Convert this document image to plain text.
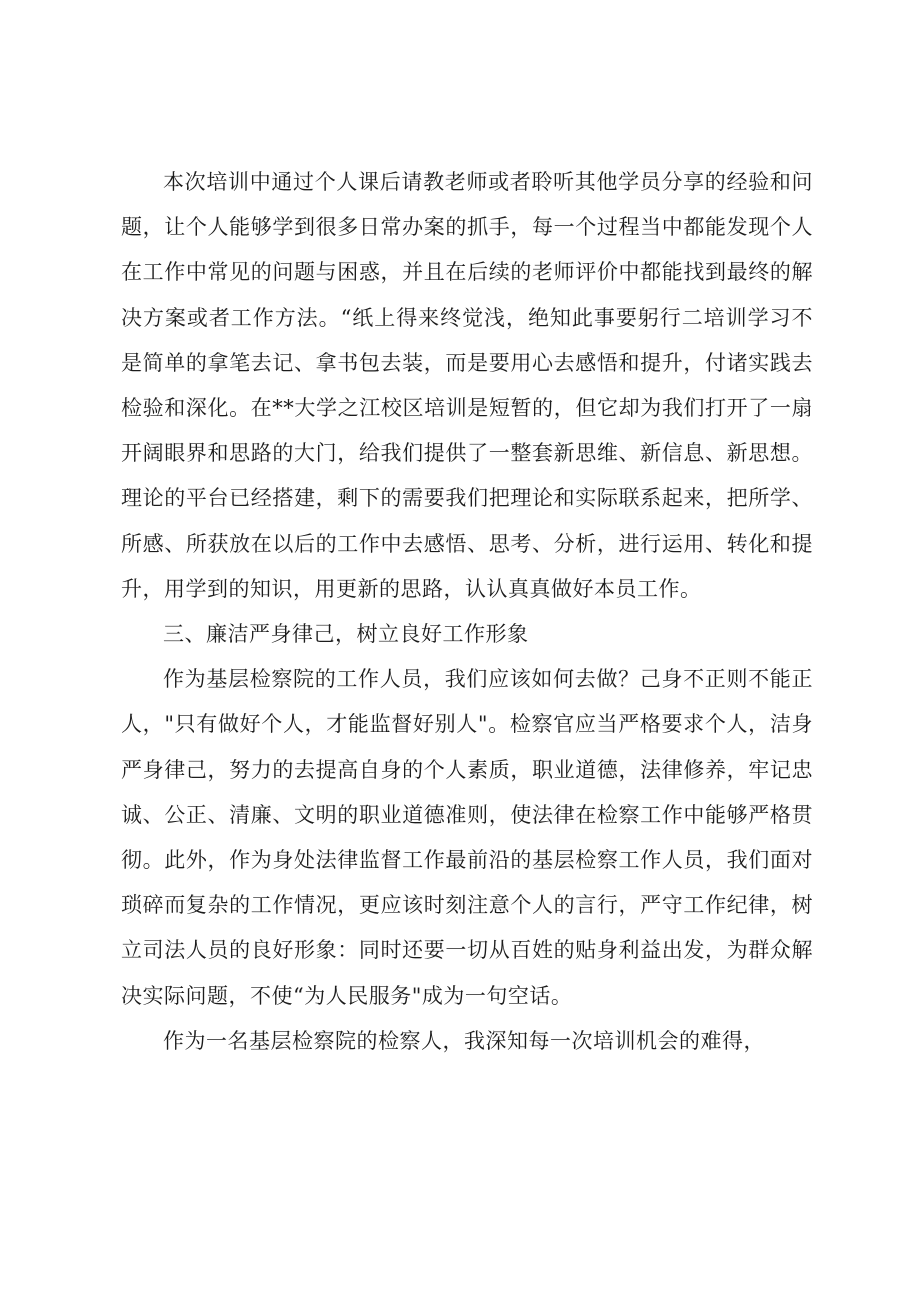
本次培训中通过个人课后请教老师或者聆听其他学员分享的经验和问题，让个人能够学到很多日常办案的抓手，每一个过程当中都能发现个人在工作中常见的问题与困惑，并且在后续的老师评价中都能找到最终的解决方案或者工作方法。“纸上得来终觉浅，绝知此事要躬行二培训学习不是简单的拿笔去记、拿书包去装，而是要用心去感悟和提升，付诸实践去检验和深化。在**大学之江校区培训是短暂的，但它却为我们打开了一扇开阔眼界和思路的大门，给我们提供了一整套新思维、新信息、新思想。理论的平台已经搭建，剩下的需要我们把理论和实际联系起来，把所学、所感、所获放在以后的工作中去感悟、思考、分析，进行运用、转化和提升，用学到的知识，用更新的思路，认认真真做好本员工作。

三、廉洁严身律己，树立良好工作形象

作为基层检察院的工作人员，我们应该如何去做？己身不正则不能正人，"只有做好个人，才能监督好别人"。检察官应当严格要求个人，洁身严身律己，努力的去提高自身的个人素质，职业道德，法律修养，牢记忠诚、公正、清廉、文明的职业道德准则，使法律在检察工作中能够严格贯彻。此外，作为身处法律监督工作最前沿的基层检察工作人员，我们面对琐碎而复杂的工作情况，更应该时刻注意个人的言行，严守工作纪律，树立司法人员的良好形象：同时还要一切从百姓的贴身利益出发，为群众解决实际问题，不使“为人民服务"成为一句空话。

作为一名基层检察院的检察人，我深知每一次培训机会的难得，
